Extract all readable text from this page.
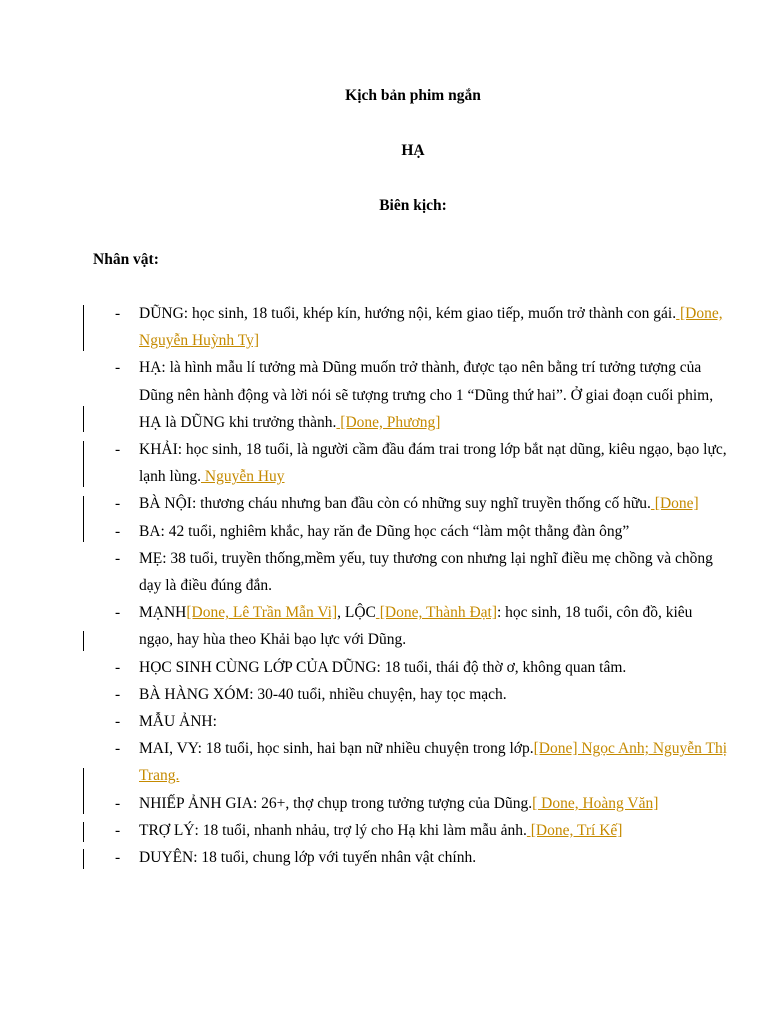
Kịch bản phim ngắn
HẠ
Biên kịch:
Nhân vật:
- DŨNG: học sinh, 18 tuổi, khép kín, hướng nội, kém giao tiếp, muốn trở thành con gái. [Done, Nguyễn Huỳnh Ty]
- HẠ: là hình mẫu lí tưởng mà Dũng muốn trở thành, được tạo nên bằng trí tưởng tượng của Dũng nên hành động và lời nói sẽ tượng trưng cho 1 “Dũng thứ hai”. Ở giai đoạn cuối phim, HẠ là DŨNG khi trưởng thành. [Done, Phương]
- KHẢI: học sinh, 18 tuổi, là người cầm đầu đám trai trong lớp bắt nạt dũng, kiêu ngạo, bạo lực, lạnh lùng. Nguyễn Huy
- BÀ NỘI: thương cháu nhưng ban đầu còn có những suy nghĩ truyền thống cố hữu. [Done]
- BA: 42 tuổi, nghiêm khắc, hay răn đe Dũng học cách “làm một thằng đàn ông”
- MẸ: 38 tuổi, truyền thống,mềm yếu, tuy thương con nhưng lại nghĩ điều mẹ chồng và chồng dạy là điều đúng đắn.
- MẠNH[Done, Lê Trần Mẫn Vi], LỘC [Done, Thành Đạt]: học sinh, 18 tuổi, côn đồ, kiêu ngạo, hay hùa theo Khải bạo lực với Dũng.
- HỌC SINH CÙNG LỚP CỦA DŨNG: 18 tuổi, thái độ thờ ơ, không quan tâm.
- BÀ HÀNG XÓM: 30-40 tuổi, nhiều chuyện, hay tọc mạch.
- MẪU ẢNH:
- MAI, VY: 18 tuổi, học sinh, hai bạn nữ nhiều chuyện trong lớp.[Done] Ngọc Anh; Nguyễn Thị Trang.
- NHIẾP ẢNH GIA: 26+, thợ chụp trong tưởng tượng của Dũng.[ Done, Hoàng Văn]
- TRỢ LÝ: 18 tuổi, nhanh nhảu, trợ lý cho Hạ khi làm mẫu ảnh. [Done, Trí Kế]
- DUYÊN: 18 tuổi, chung lớp với tuyến nhân vật chính.
